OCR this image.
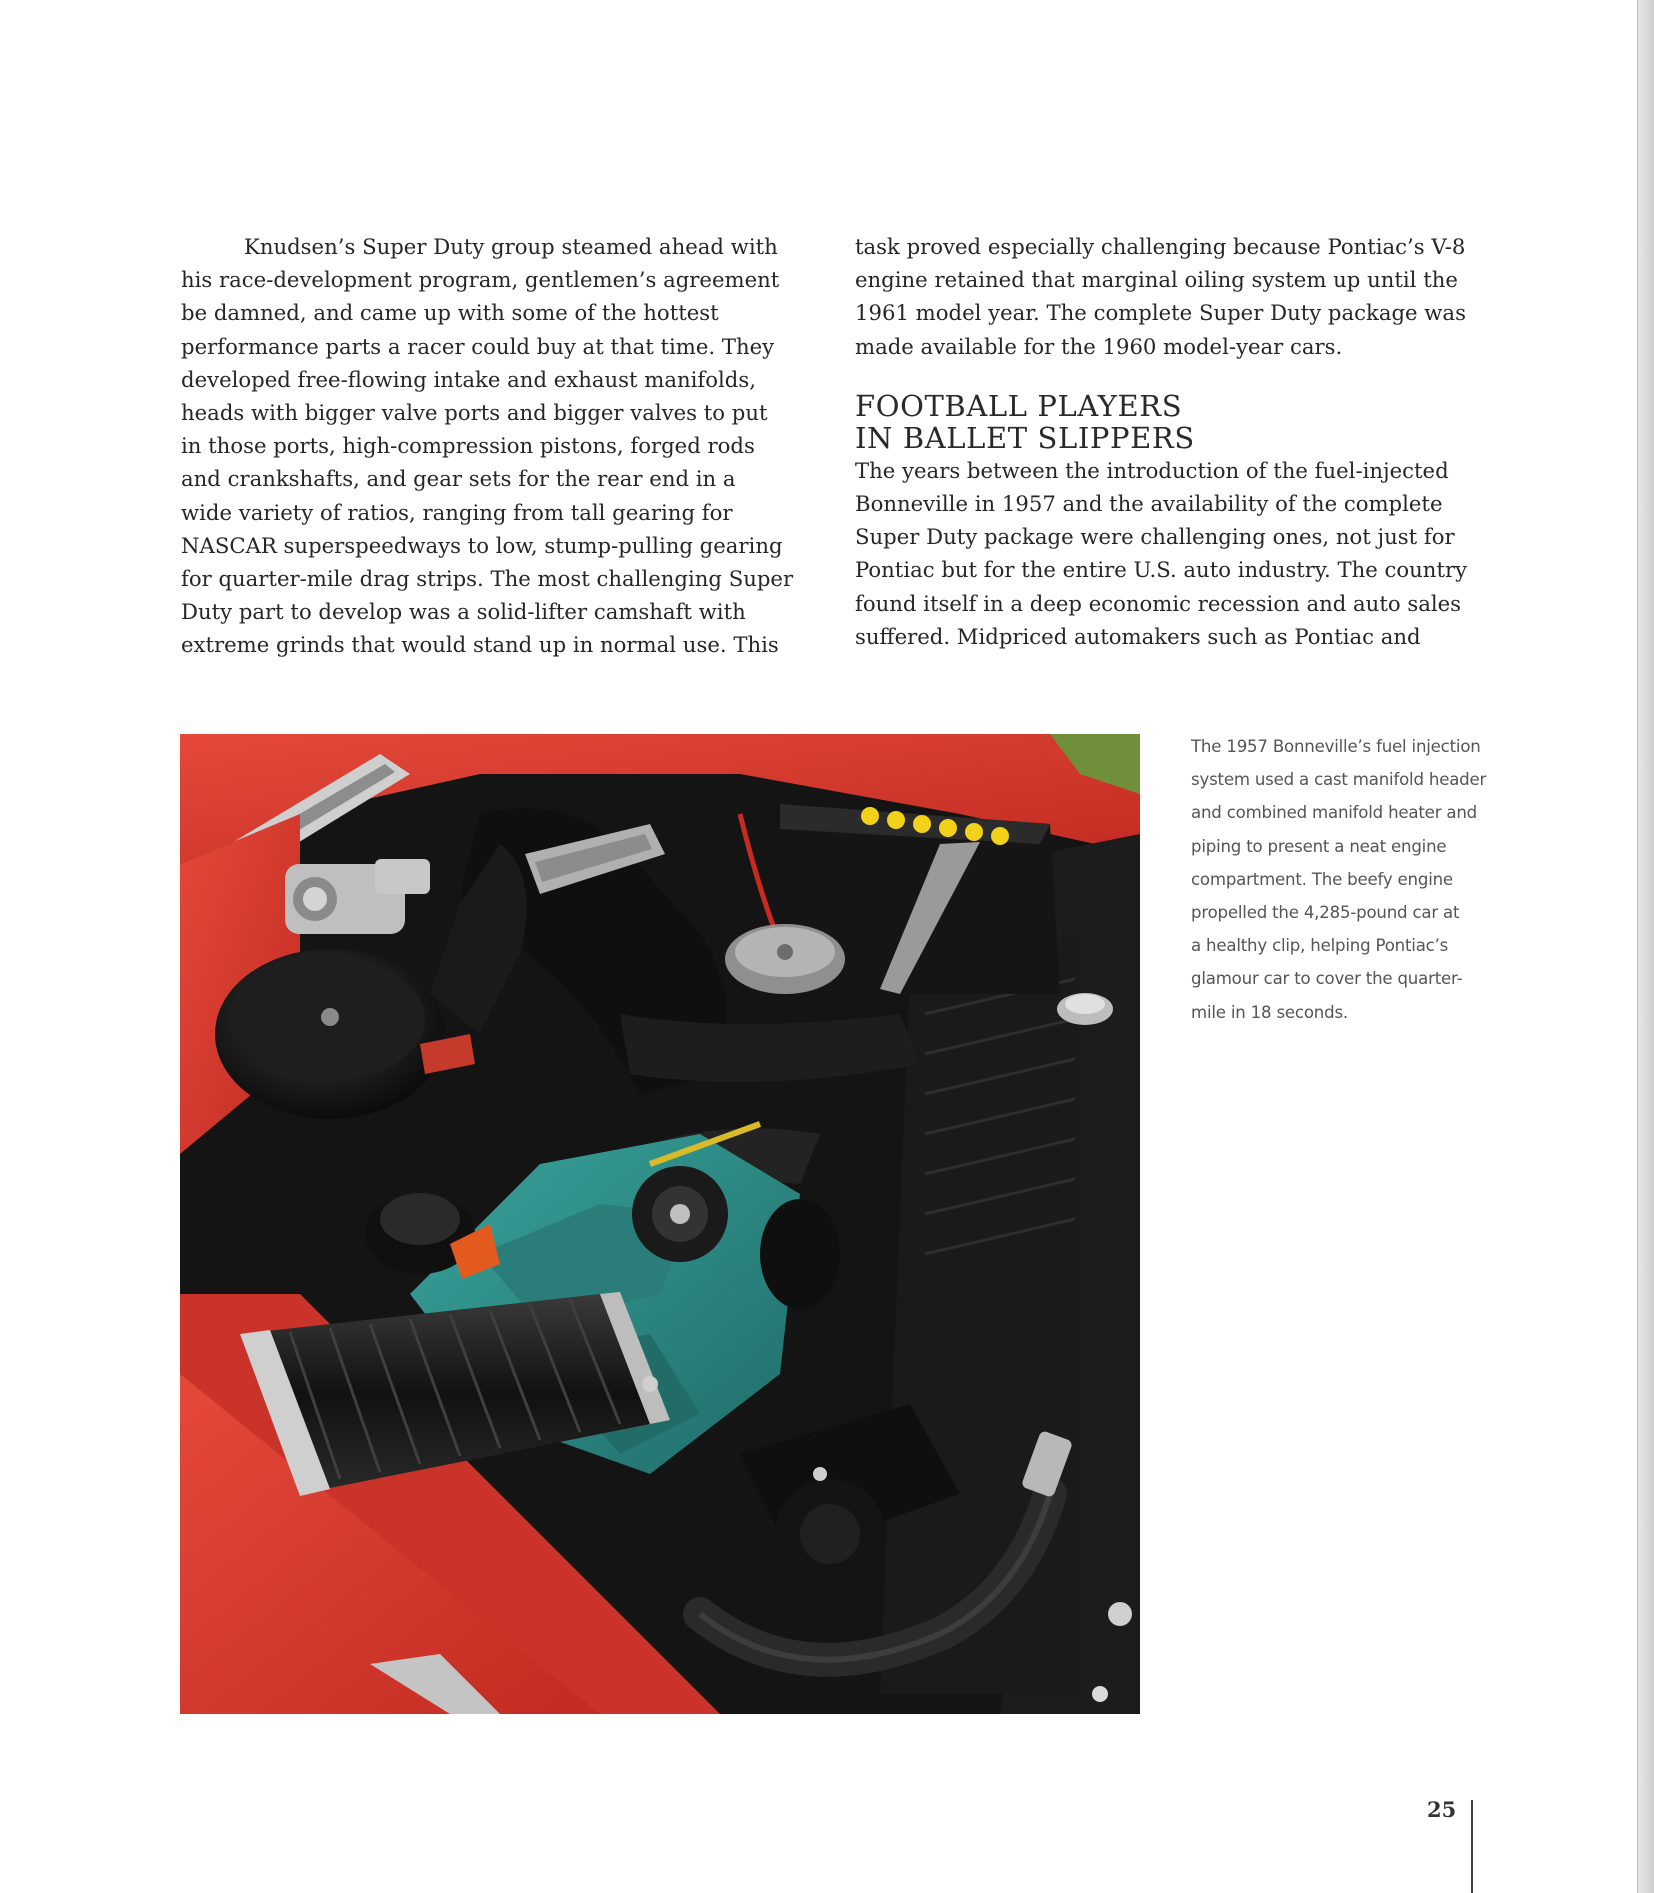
Knudsen’s Super Duty group steamed ahead with
his race-development program, gentlemen’s agreement
be damned, and came up with some of the hottest
performance parts a racer could buy at that time. They
developed free-flowing intake and exhaust manifolds,
heads with bigger valve ports and bigger valves to put
in those ports, high-compression pistons, forged rods
and crankshafts, and gear sets for the rear end in a
wide variety of ratios, ranging from tall gearing for
NASCAR superspeedways to low, stump-pulling gearing
for quarter-mile drag strips. The most challenging Super
Duty part to develop was a solid-lifter camshaft with
extreme grinds that would stand up in normal use. This

task proved especially challenging because Pontiac’s V-8
engine retained that marginal oiling system up until the
1961 model year. The complete Super Duty package was
made available for the 1960 model-year cars.

FOOTBALL PLAYERS
IN BALLET SLIPPERS

The years between the introduction of the fuel-injected
Bonneville in 1957 and the availability of the complete
Super Duty package were challenging ones, not just for
Pontiac but for the entire U.S. auto industry. The country
found itself in a deep economic recession and auto sales
suffered. Midpriced automakers such as Pontiac and

The 1957 Bonneville’s fuel injection
system used a cast manifold header
and combined manifold heater and
piping to present a neat engine
compartment. The beefy engine
propelled the 4,285-pound car at
a healthy clip, helping Pontiac’s
glamour car to cover the quarter-
mile in 18 seconds.
25
